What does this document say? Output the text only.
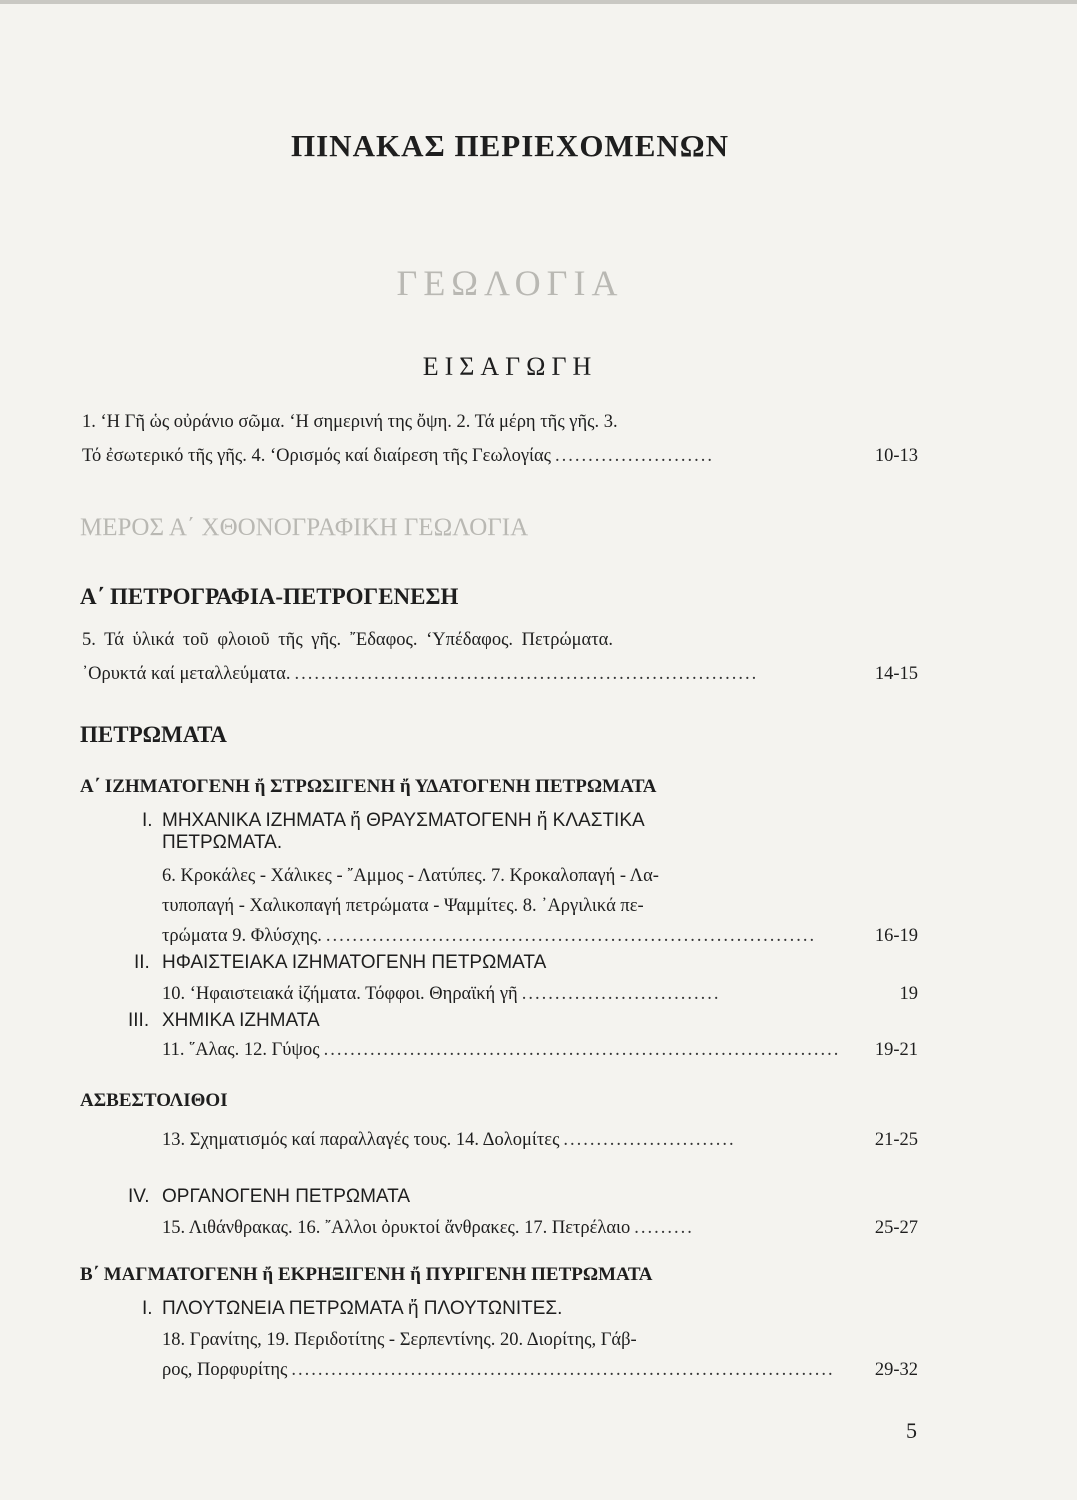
ΠΙΝΑΚΑΣ ΠΕΡΙΕΧΟΜΕΝΩΝ
ΓΕΩΛΟΓΙΑ
ΕΙΣΑΓΩΓΗ
1. ‘Η Γῆ ὡς οὐράνιο σῶμα. ‘Η σημερινή της ὄψη. 2. Τά μέρη τῆς γῆς. 3.
Τό ἐσωτερικό τῆς γῆς. 4. ‘Ορισμός καί διαίρεση τῆς Γεωλογίας ........................	10-13
ΜΕΡΟΣ Α΄ ΧΘΟΝΟΓΡΑΦΙΚΗ ΓΕΩΛΟΓΙΑ
Α΄ ΠΕΤΡΟΓΡΑΦΙΑ-ΠΕΤΡΟΓΕΝΕΣΗ
5. Τά ὑλικά τοῦ φλοιοῦ τῆς γῆς. ῎Εδαφος. ‘Υπέδαφος. Πετρώματα.
᾿Ορυκτά καί μεταλλεύματα. ......................................................................	14-15
ΠΕΤΡΩΜΑΤΑ
Α΄ ΙΖΗΜΑΤΟΓΕΝΗ ἤ ΣΤΡΩΣΙΓΕΝΗ ἤ ΥΔΑΤΟΓΕΝΗ ΠΕΤΡΩΜΑΤΑ
I. ΜΗΧΑΝΙΚΑ ΙΖΗΜΑΤΑ ἤ ΘΡΑΥΣΜΑΤΟΓΕΝΗ ἤ ΚΛΑΣΤΙΚΑ
ΠΕΤΡΩΜΑΤΑ.
6. Κροκάλες - Χάλικες - ῎Αμμος - Λατύπες. 7. Κροκαλοπαγή - Λα-
τυποπαγή - Χαλικοπαγή πετρώματα - Ψαμμίτες. 8. ᾿Αργιλικά πε-
τρώματα 9. Φλύσχης. ..........................................................................	16-19
II. ΗΦΑΙΣΤΕΙΑΚΑ ΙΖΗΜΑΤΟΓΕΝΗ ΠΕΤΡΩΜΑΤΑ
10. ‘Ηφαιστειακά ἰζήματα. Τόφφοι. Θηραϊκή γῆ ..............................	19
III. ΧΗΜΙΚΑ ΙΖΗΜΑΤΑ
11. ῞Αλας. 12. Γύψος ..............................................................................	19-21
ΑΣΒΕΣΤΟΛΙΘΟΙ
13. Σχηματισμός καί παραλλαγές τους. 14. Δολομίτες ..........................	21-25
IV. ΟΡΓΑΝΟΓΕΝΗ ΠΕΤΡΩΜΑΤΑ
15. Λιθάνθρακας. 16. ῎Αλλοι ὀρυκτοί ἄνθρακες. 17. Πετρέλαιο .........	25-27
Β΄ ΜΑΓΜΑΤΟΓΕΝΗ ἤ ΕΚΡΗΞΙΓΕΝΗ ἤ ΠΥΡΙΓΕΝΗ ΠΕΤΡΩΜΑΤΑ
I. ΠΛΟΥΤΩΝΕΙΑ ΠΕΤΡΩΜΑΤΑ ἤ ΠΛΟΥΤΩΝΙΤΕΣ.
18. Γρανίτης, 19. Περιδοτίτης - Σερπεντίνης. 20. Διορίτης, Γάβ-
ρος, Πορφυρίτης ..................................................................................	29-32
5
